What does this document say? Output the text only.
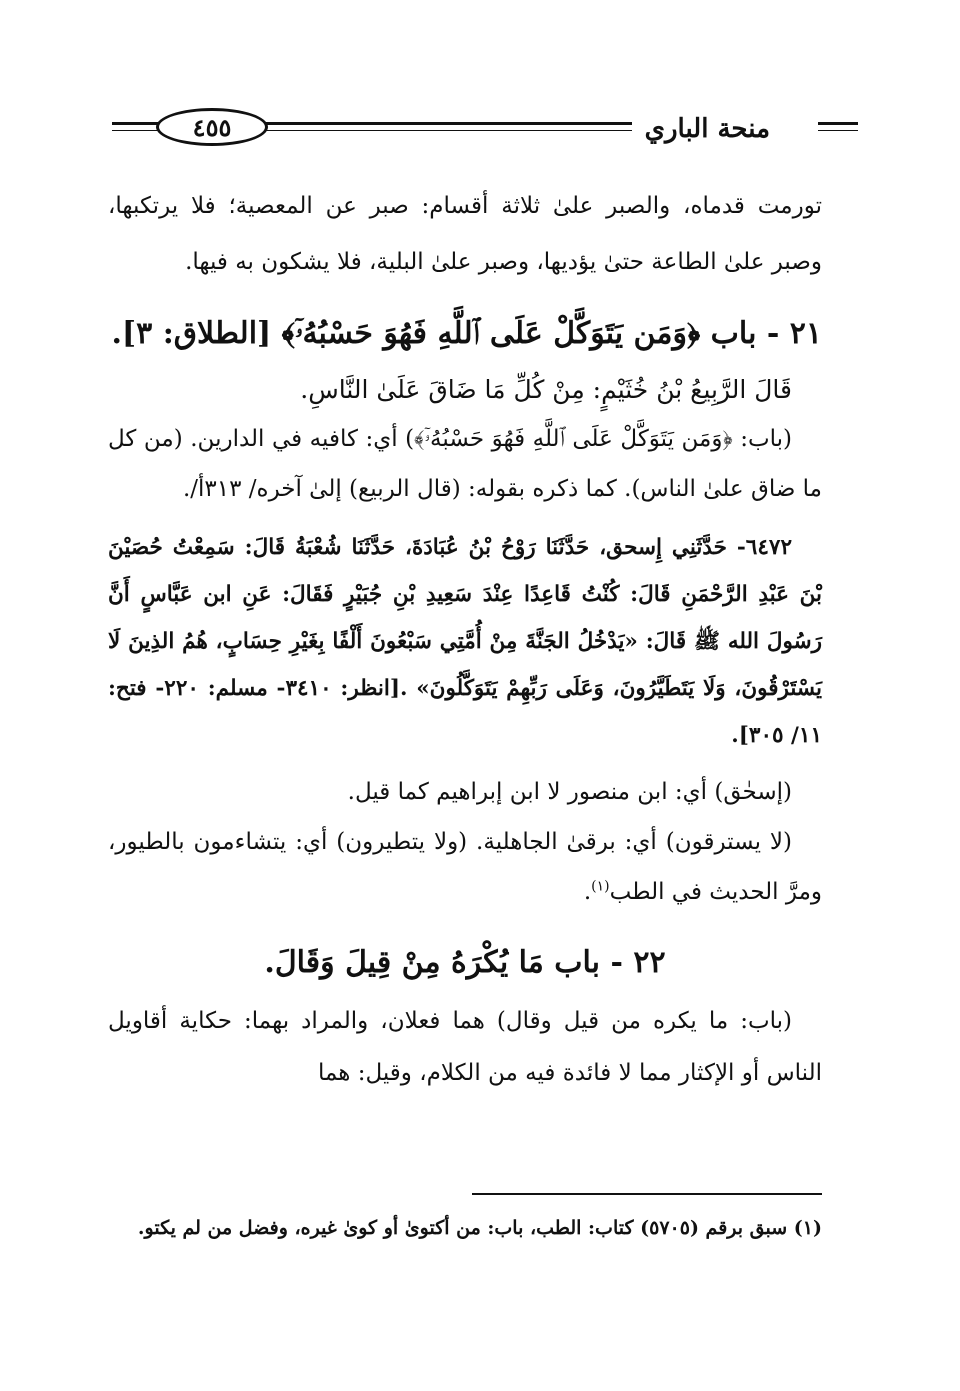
منحة الباري
٤٥٥

تورمت قدماه، والصبر علىٰ ثلاثة أقسام: صبر عن المعصية؛ فلا يرتكبها، وصبر علىٰ الطاعة حتىٰ يؤديها، وصبر علىٰ البلية، فلا يشكون به فيها.

٢١ - باب ﴿وَمَن يَتَوَكَّلْ عَلَى ٱللَّهِ فَهُوَ حَسْبُهُۥٓ﴾ [الطلاق: ٣].

قَالَ الرَّبِيعُ بْنُ خُثَيْمٍ: مِنْ كُلِّ مَا ضَاقَ عَلَىٰ النَّاسِ.

(باب: ﴿وَمَن يَتَوَكَّلْ عَلَى ٱللَّهِ فَهُوَ حَسْبُهُۥٓ﴾) أي: كافيه في الدارين. (من كل ما ضاق علىٰ الناس). كما ذكره بقوله: (قال الربيع) إلىٰ آخره/ ٣١٣أ/.

٦٤٧٢- حَدَّثَنِي إِسحق، حَدَّثَنَا رَوْحُ بْنُ عُبَادَةَ، حَدَّثَنَا شُعْبَةُ قَالَ: سَمِعْتُ حُصَيْنَ بْنَ عَبْدِ الرَّحْمَنِ قَالَ: كُنْتُ قَاعِدًا عِنْدَ سَعِيدِ بْنِ جُبَيْرٍ فَقَالَ: عَنِ ابن عَبَّاسٍ أَنَّ رَسُولَ الله ﷺ قَالَ: «يَدْخُلُ الجَنَّةَ مِنْ أُمَّتِي سَبْعُونَ أَلْفًا بِغَيْرِ حِسَابٍ، هُمُ الذِينَ لَا يَسْتَرْقُونَ، وَلَا يَتَطَيَّرُونَ، وَعَلَى رَبِّهِمْ يَتَوَكَّلُونَ» .[انظر: ٣٤١٠- مسلم: ٢٢٠- فتح: ١١/ ٣٠٥].

(إسحٰق) أي: ابن منصور لا ابن إبراهيم كما قيل.

(لا يسترقون) أي: برقىٰ الجاهلية. (ولا يتطيرون) أي: يتشاءمون بالطيور، ومرَّ الحديث في الطب$^{(١)}$.

٢٢ - باب مَا يُكْرَهُ مِنْ قِيلَ وَقَالَ.

(باب: ما يكره من قيل وقال) هما فعلان، والمراد بهما: حكاية أقاويل الناس أو الإكثار مما لا فائدة فيه من الكلام، وقيل: هما

(١) سبق برقم (٥٧٠٥) كتاب: الطب، باب: من أكتوىٰ أو كوىٰ غيره، وفضل من لم يكتو.
